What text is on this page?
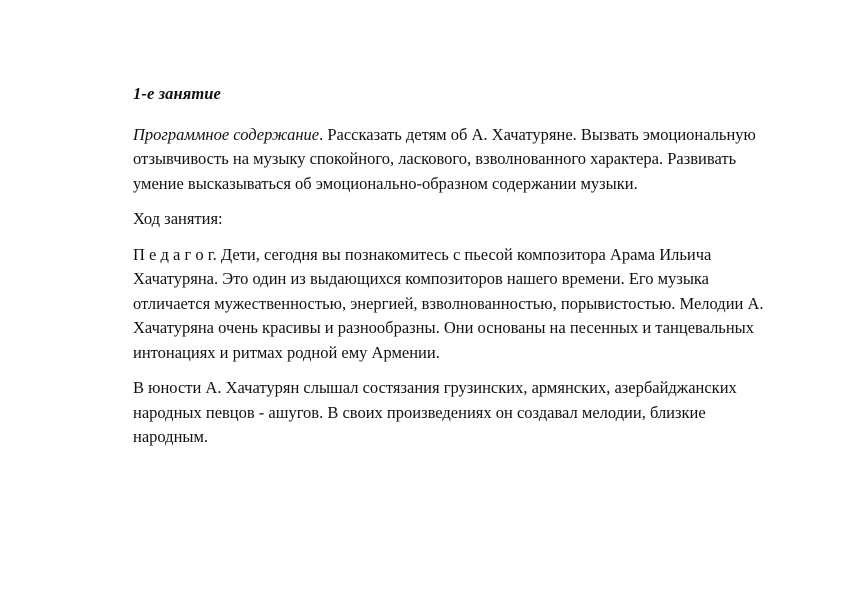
1-е занятие

Программное содержание. Рассказать детям об А. Хачатуряне. Вызвать эмоциональную отзывчивость на музыку спокойного, ласкового, взволнованного характера. Развивать умение высказываться об эмоционально-образном содержании музыки.

Ход занятия:

П е д а г о г. Дети, сегодня вы познакомитесь с пьесой композитора Арама Ильича Хачатуряна. Это один из выдающихся композиторов нашего времени. Его музыка отличается мужественностью, энергией, взволнованностью, порывистостью. Мелодии А. Хачатуряна очень красивы и разнообразны. Они основаны на песенных и танцевальных интонациях и ритмах родной ему Армении.

В юности А. Хачатурян слышал состязания грузинских, армянских, азербайджанских народных певцов - ашугов. В своих произведениях он создавал мелодии, близкие народным.
